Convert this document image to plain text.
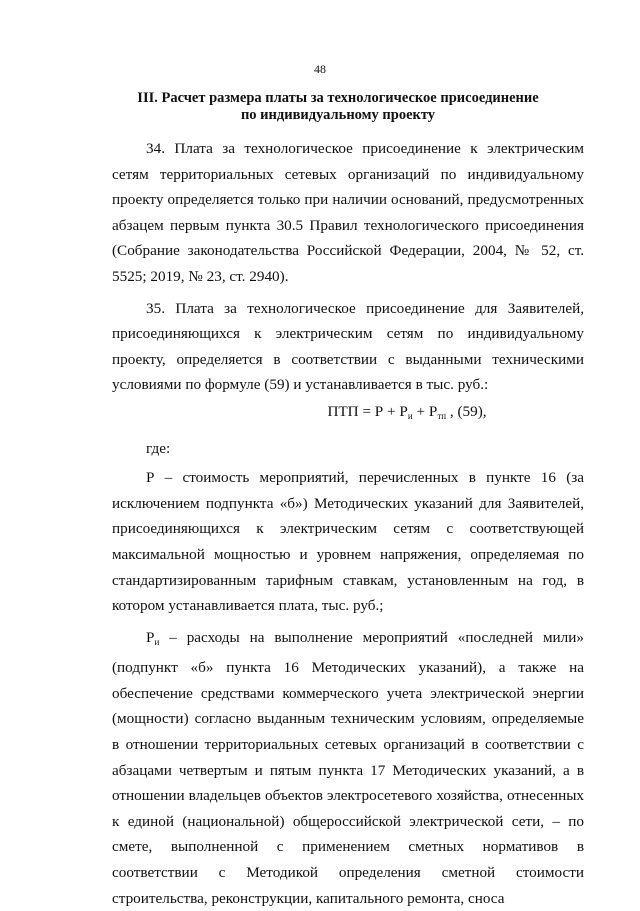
48
III. Расчет размера платы за технологическое присоединение
по индивидуальному проекту

34. Плата за технологическое присоединение к электрическим сетям территориальных сетевых организаций по индивидуальному проекту определяется только при наличии оснований, предусмотренных абзацем первым пункта 30.5 Правил технологического присоединения (Собрание законодательства Российской Федерации, 2004, № 52, ст. 5525; 2019, № 23, ст. 2940).

35. Плата за технологическое присоединение для Заявителей, присоединяющихся к электрическим сетям по индивидуальному проекту, определяется в соответствии с выданными техническими условиями по формуле (59) и устанавливается в тыс. руб.:

ПТП = $Р + Р_и + Р_{тп}$ , (59),
где:

Р – стоимость мероприятий, перечисленных в пункте 16 (за исключением подпункта «б») Методических указаний для Заявителей, присоединяющихся к электрическим сетям с соответствующей максимальной мощностью и уровнем напряжения, определяемая по стандартизированным тарифным ставкам, установленным на год, в котором устанавливается плата, тыс. руб.;

$Р_и$ – расходы на выполнение мероприятий «последней мили» (подпункт «б» пункта 16 Методических указаний), а также на обеспечение средствами коммерческого учета электрической энергии (мощности) согласно выданным техническим условиям, определяемые в отношении территориальных сетевых организаций в соответствии с абзацами четвертым и пятым пункта 17 Методических указаний, а в отношении владельцев объектов электросетевого хозяйства, отнесенных к единой (национальной) общероссийской электрической сети, – по смете, выполненной с применением сметных нормативов в соответствии с Методикой определения сметной стоимости строительства, реконструкции, капитального ремонта, сноса
